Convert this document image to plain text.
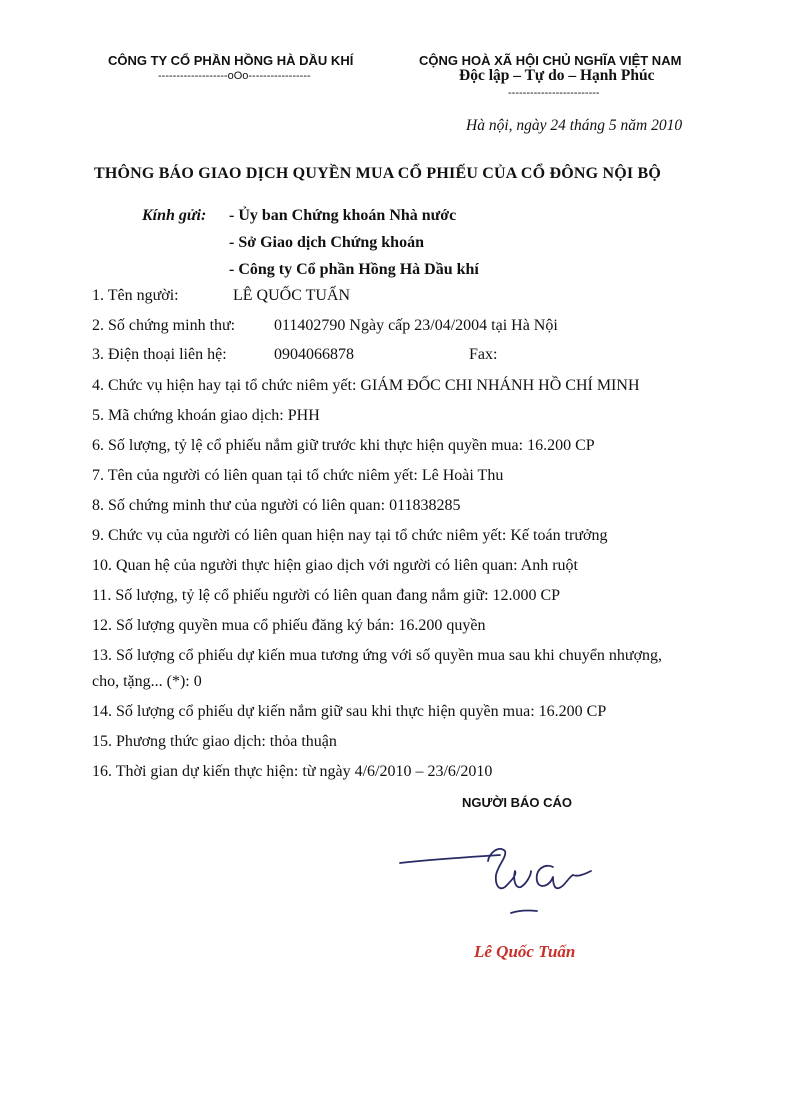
CÔNG TY CỔ PHẦN HỒNG HÀ DẦU KHÍ
-------------------oOo-----------------
CỘNG HOÀ XÃ HỘI CHỦ NGHĨA VIỆT NAM
Độc lập – Tự do – Hạnh Phúc
-------------------------
Hà nội, ngày 24 tháng 5 năm 2010
THÔNG BÁO GIAO DỊCH QUYỀN MUA CỔ PHIẾU CỦA CỔ ĐÔNG NỘI BỘ
Kính gửi: - Ủy ban Chứng khoán Nhà nước
- Sở Giao dịch Chứng khoán
- Công ty Cổ phần Hồng Hà Dầu khí
1. Tên người:	LÊ QUỐC TUẤN
2. Số chứng minh thư: 011402790 Ngày cấp 23/04/2004 tại Hà Nội
3. Điện thoại liên hệ:	0904066878	Fax:
4. Chức vụ hiện hay tại tổ chức niêm yết: GIÁM ĐỐC CHI NHÁNH HỒ CHÍ MINH
5. Mã chứng khoán giao dịch: PHH
6. Số lượng, tỷ lệ cổ phiếu nắm giữ trước khi thực hiện quyền mua: 16.200 CP
7. Tên của người có liên quan tại tổ chức niêm yết: Lê Hoài Thu
8. Số chứng minh thư của người có liên quan: 011838285
9. Chức vụ của người có liên quan hiện nay tại tổ chức niêm yết: Kế toán trưởng
10. Quan hệ của người thực hiện giao dịch với người có liên quan: Anh ruột
11. Số lượng, tỷ lệ cổ phiếu người có liên quan đang nắm giữ: 12.000 CP
12. Số lượng quyền mua cổ phiếu đăng ký bán: 16.200 quyền
13. Số lượng cổ phiếu dự kiến mua tương ứng với số quyền mua sau khi chuyển nhượng,
cho, tặng... (*): 0
14. Số lượng cổ phiếu dự kiến nắm giữ sau khi thực hiện quyền mua: 16.200 CP
15. Phương thức giao dịch: thỏa thuận
16. Thời gian dự kiến thực hiện: từ ngày 4/6/2010 – 23/6/2010
NGƯỜI BÁO CÁO
Lê Quốc Tuấn
